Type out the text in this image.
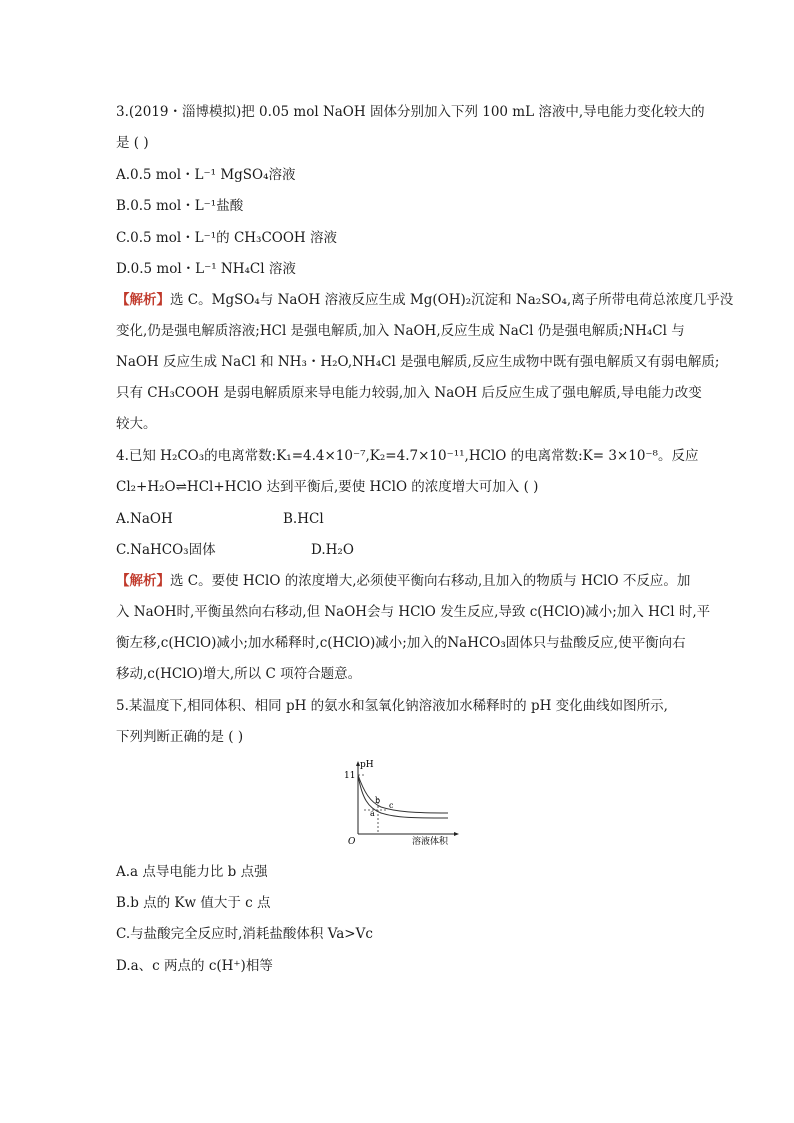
3.(2019・淄博模拟)把 0.05 mol NaOH 固体分别加入下列 100 mL 溶液中,导电能力变化较大的
是 ( )
A.0.5 mol・L⁻¹ MgSO₄溶液
B.0.5 mol・L⁻¹盐酸
C.0.5 mol・L⁻¹的 CH₃COOH 溶液
D.0.5 mol・L⁻¹ NH₄Cl 溶液
【解析】选 C。MgSO₄与 NaOH 溶液反应生成 Mg(OH)₂沉淀和 Na₂SO₄,离子所带电荷总浓度几乎没
变化,仍是强电解质溶液;HCl 是强电解质,加入 NaOH,反应生成 NaCl 仍是强电解质;NH₄Cl 与
NaOH 反应生成 NaCl 和 NH₃・H₂O,NH₄Cl 是强电解质,反应生成物中既有强电解质又有弱电解质;
只有 CH₃COOH 是弱电解质原来导电能力较弱,加入 NaOH 后反应生成了强电解质,导电能力改变
较大。
4.已知 H₂CO₃的电离常数:K₁=4.4×10⁻⁷,K₂=4.7×10⁻¹¹,HClO 的电离常数:K= 3×10⁻⁸。反应
Cl₂+H₂O⇌HCl+HClO 达到平衡后,要使 HClO 的浓度增大可加入 ( )
A.NaOH	B.HCl
C.NaHCO₃固体	D.H₂O
【解析】选 C。要使 HClO 的浓度增大,必须使平衡向右移动,且加入的物质与 HClO 不反应。加
入 NaOH时,平衡虽然向右移动,但 NaOH会与 HClO 发生反应,导致 c(HClO)减小;加入 HCl 时,平
衡左移,c(HClO)减小;加水稀释时,c(HClO)减小;加入的NaHCO₃固体只与盐酸反应,使平衡向右
移动,c(HClO)增大,所以 C 项符合题意。
5.某温度下,相同体积、相同 pH 的氨水和氢氧化钠溶液加水稀释时的 pH 变化曲线如图所示,
下列判断正确的是 ( )
pH
11
O	溶液体积
a
b
c
A.a 点导电能力比 b 点强
B.b 点的 Kw 值大于 c 点
C.与盐酸完全反应时,消耗盐酸体积 Va>Vc
D.a、c 两点的 c(H⁺)相等
